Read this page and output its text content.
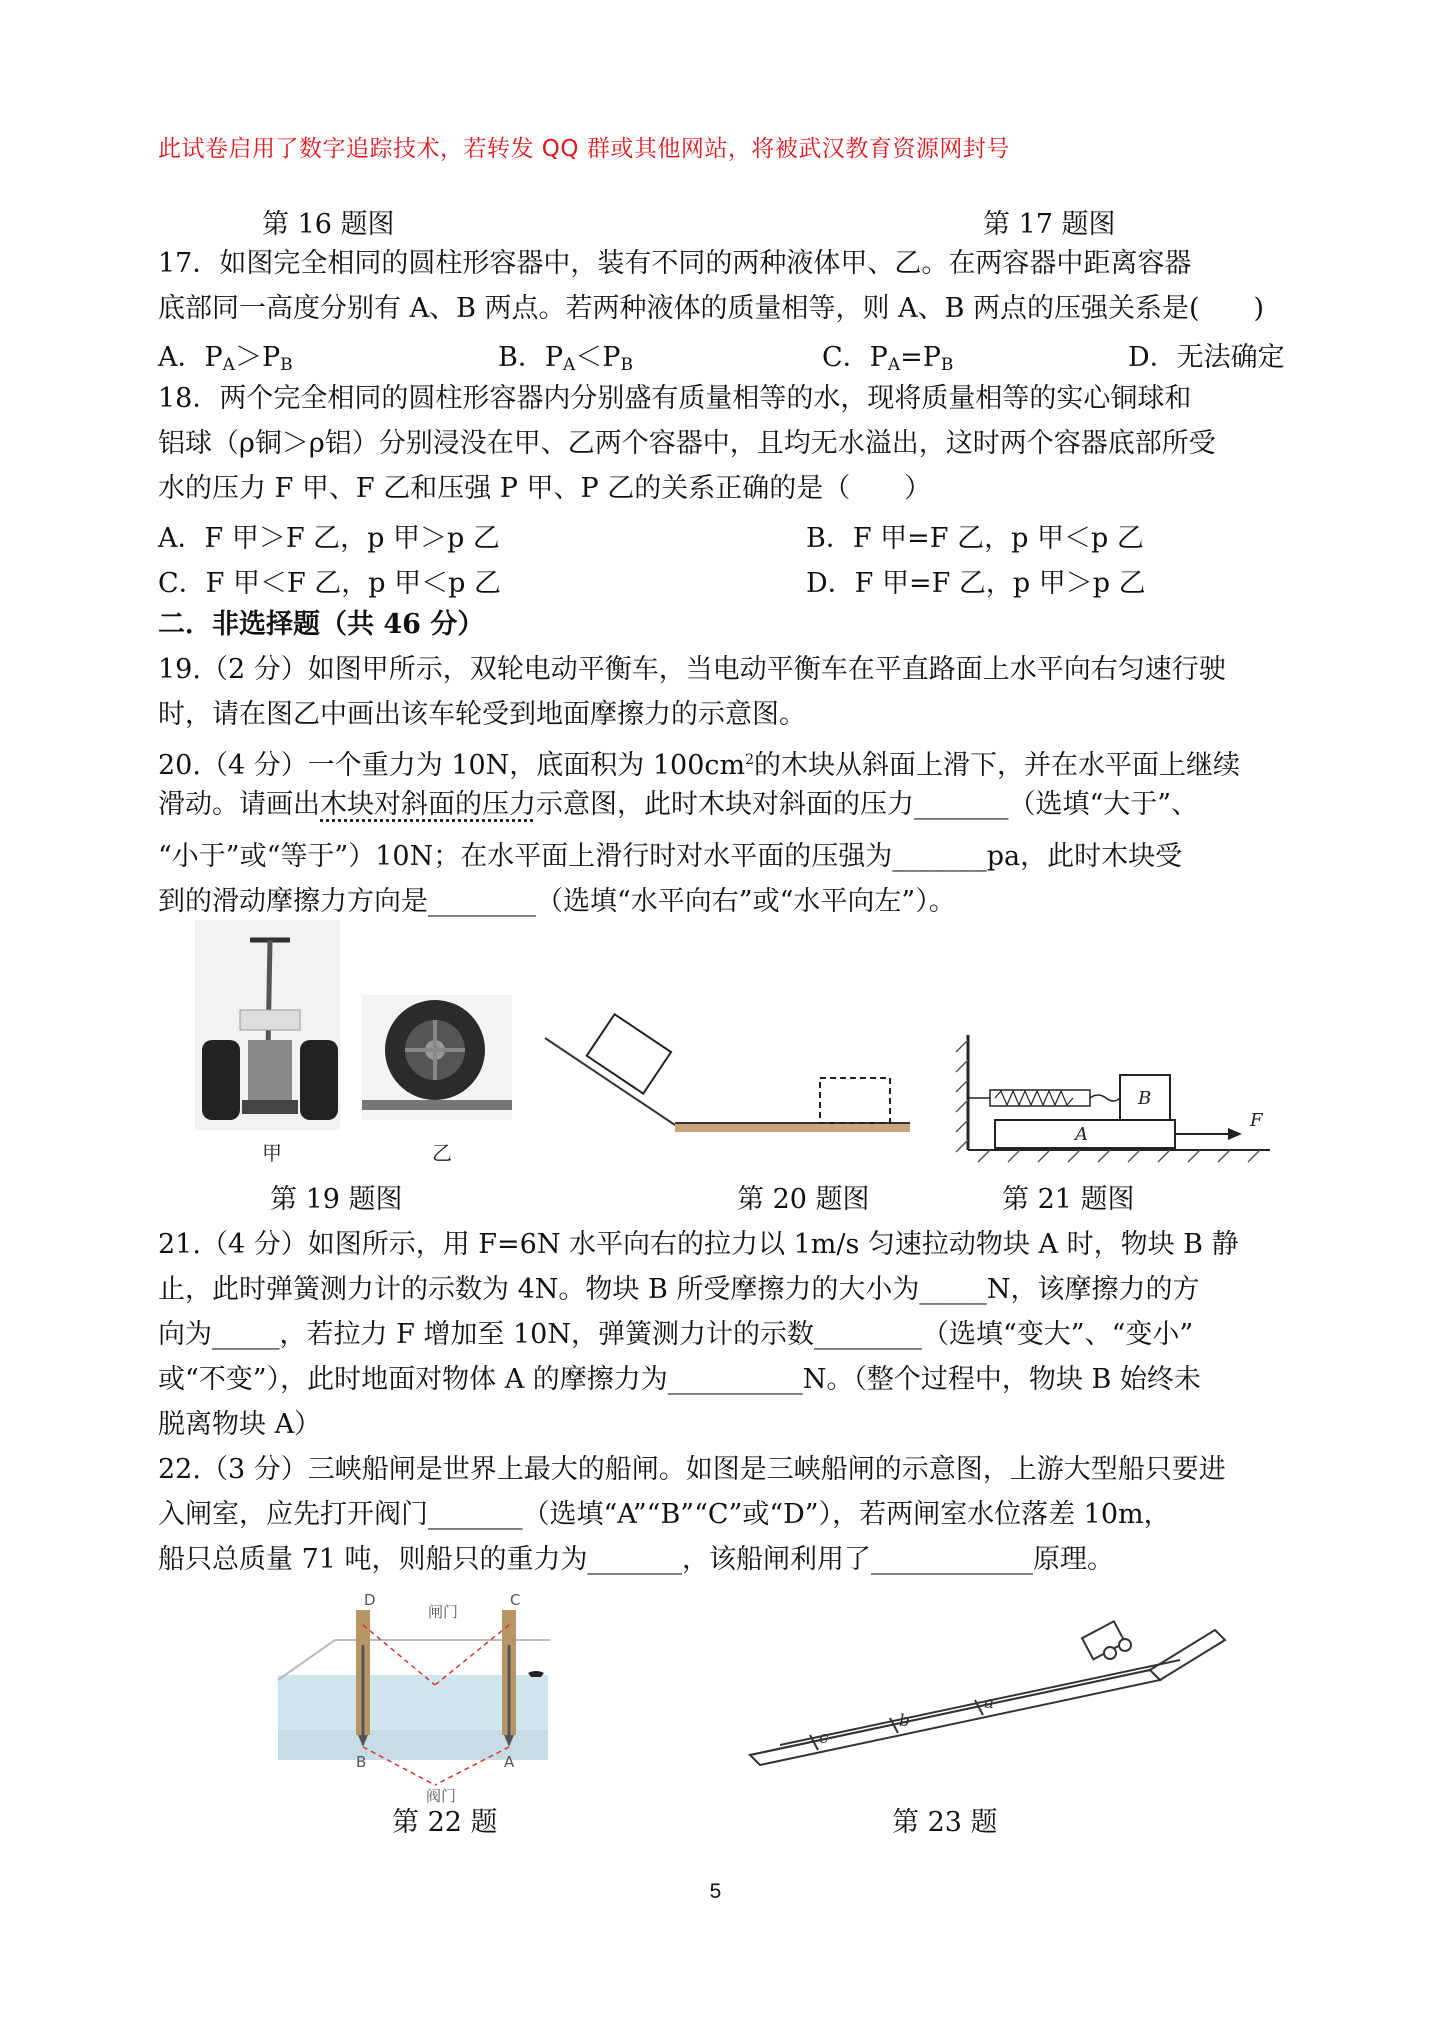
此试卷启用了数字追踪技术，若转发 QQ 群或其他网站，将被武汉教育资源网封号
第 16 题图	第 17 题图
17．如图完全相同的圆柱形容器中，装有不同的两种液体甲、乙。在两容器中距离容器
底部同一高度分别有 A、B 两点。若两种液体的质量相等，则 A、B 两点的压强关系是(　　)
A．$P_A>P_B$	B．$P_A<P_B$	C．$P_A=P_B$	D．无法确定
18．两个完全相同的圆柱形容器内分别盛有质量相等的水，现将质量相等的实心铜球和
铝球（ρ铜＞ρ铝）分别浸没在甲、乙两个容器中，且均无水溢出，这时两个容器底部所受
水的压力 F 甲、F 乙和压强 P 甲、P 乙的关系正确的是（　　）
A．F 甲＞F 乙，p 甲＞p 乙	B．F 甲=F 乙，p 甲＜p 乙
C．F 甲＜F 乙，p 甲＜p 乙	D．F 甲=F 乙，p 甲＞p 乙
二．非选择题（共 46 分）
19.（2 分）如图甲所示，双轮电动平衡车，当电动平衡车在平直路面上水平向右匀速行驶
时，请在图乙中画出该车轮受到地面摩擦力的示意图。
20.（4 分）一个重力为 10N，底面积为 $100cm^2$的木块从斜面上滑下，并在水平面上继续
滑动。请画出木块对斜面的压力示意图，此时木块对斜面的压力_______（选填“大于”、
“小于”或“等于”）10N；在水平面上滑行时对水平面的压强为_______pa，此时木块受
到的滑动摩擦力方向是________（选填“水平向右”或“水平向左”）。
甲	乙
A
B
F
第 19 题图	第 20 题图	第 21 题图
21.（4 分）如图所示，用 F=6N 水平向右的拉力以 1m/s 匀速拉动物块 A 时，物块 B 静
止，此时弹簧测力计的示数为 4N。物块 B 所受摩擦力的大小为_____N，该摩擦力的方
向为_____，若拉力 F 增加至 10N，弹簧测力计的示数________（选填“变大”、“变小”
或“不变”），此时地面对物体 A 的摩擦力为__________N。（整个过程中，物块 B 始终未
脱离物块 A）
22.（3 分）三峡船闸是世界上最大的船闸。如图是三峡船闸的示意图，上游大型船只要进
入闸室，应先打开阀门_______（选填“A”“B”“C”或“D”），若两闸室水位落差 10m，
船只总质量 71 吨，则船只的重力为_______，该船闸利用了____________原理。
D	C
闸门
B	A
阀门
c
b
a
第 22 题	第 23 题
5
